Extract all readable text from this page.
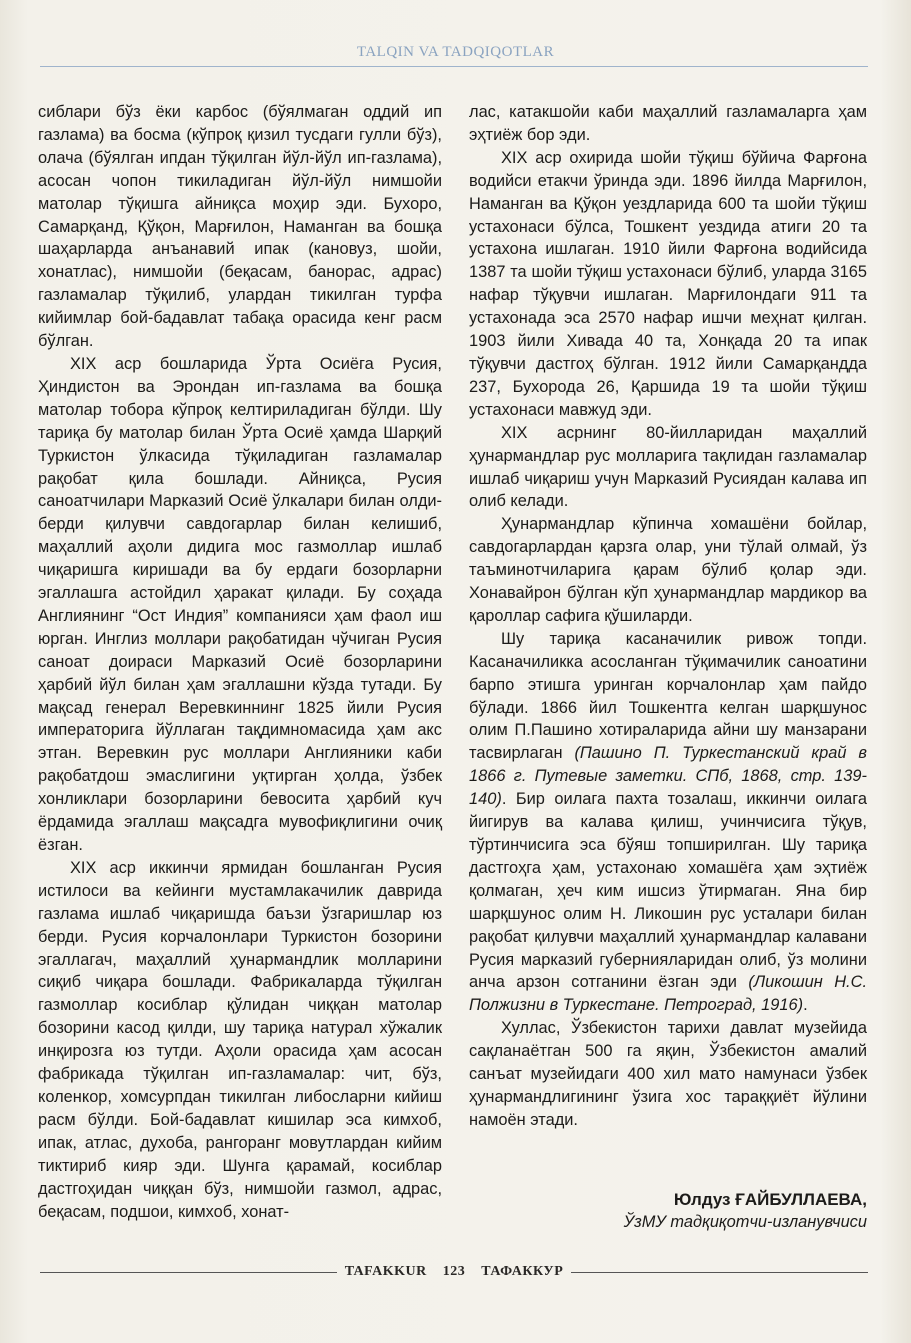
TALQIN VA TADQIQOTLAR

сиблари бўз ёки карбос (бўялмаган оддий ип газлама) ва босма (кўпроқ қизил тусдаги гулли бўз), олача (бўялган ипдан тўқилган йўл-йўл ип-газлама), асосан чопон тикиладиган йўл-йўл нимшойи матолар тўқишга айниқса моҳир эди. Бухоро, Самарқанд, Қўқон, Марғилон, Наманган ва бошқа шаҳарларда анъанавий ипак (кановуз, шойи, хонатлас), нимшойи (беқасам, банорас, адрас) газламалар тўқилиб, улардан тикилган турфа кийимлар бой-бадавлат табақа орасида кенг расм бўлган.

XIX аср бошларида Ўрта Осиёга Русия, Ҳиндистон ва Эрондан ип-газлама ва бошқа матолар тобора кўпроқ келтириладиган бўлди. Шу тариқа бу матолар билан Ўрта Осиё ҳамда Шарқий Туркистон ўлкасида тўқиладиган газламалар рақобат қила бошлади. Айниқса, Русия саноатчилари Марказий Осиё ўлкалари билан олди-берди қилувчи савдогарлар билан келишиб, маҳаллий аҳоли дидига мос газмоллар ишлаб чиқаришга киришади ва бу ердаги бозорларни эгаллашга астойдил ҳаракат қилади. Бу соҳада Англиянинг “Ост Индия” компанияси ҳам фаол иш юрган. Инглиз моллари рақобатидан чўчиган Русия саноат доираси Марказий Осиё бозорларини ҳарбий йўл билан ҳам эгаллашни кўзда тутади. Бу мақсад генерал Веревкиннинг 1825 йили Русия императорига йўллаган тақдимномасида ҳам акс этган. Веревкин рус моллари Англияники каби рақобатдош эмаслигини уқтирган ҳолда, ўзбек хонликлари бозорларини бевосита ҳарбий куч ёрдамида эгаллаш мақсадга мувофиқлигини очиқ ёзган.

XIX аср иккинчи ярмидан бошланган Русия истилоси ва кейинги мустамлакачилик даврида газлама ишлаб чиқаришда баъзи ўзгаришлар юз берди. Русия корчалонлари Туркистон бозорини эгаллагач, маҳаллий ҳунармандлик молларини сиқиб чиқара бошлади. Фабрикаларда тўқилган газмоллар косиблар қўлидан чиққан матолар бозорини касод қилди, шу тариқа натурал хўжалик инқирозга юз тутди. Аҳоли орасида ҳам асосан фабрикада тўқилган ип-газламалар: чит, бўз, коленкор, хомсурпдан тикилган либосларни кийиш расм бўлди. Бой-бадавлат кишилар эса кимхоб, ипак, атлас, духоба, рангоранг мовутлардан кийим тиктириб кияр эди. Шунга қарамай, косиблар дастгоҳидан чиққан бўз, нимшойи газмол, адрас, беқасам, подшои, кимхоб, хонат-

лас, катакшойи каби маҳаллий газламаларга ҳам эҳтиёж бор эди.

XIX аср охирида шойи тўқиш бўйича Фарғона водийси етакчи ўринда эди. 1896 йилда Марғилон, Наманган ва Қўқон уездларида 600 та шойи тўқиш устахонаси бўлса, Тошкент уездида атиги 20 та устахона ишлаган. 1910 йили Фарғона водийсида 1387 та шойи тўқиш устахонаси бўлиб, уларда 3165 нафар тўқувчи ишлаган. Марғилондаги 911 та устахонада эса 2570 нафар ишчи меҳнат қилган. 1903 йили Хивада 40 та, Хонқада 20 та ипак тўқувчи дастгоҳ бўлган. 1912 йили Самарқандда 237, Бухорода 26, Қаршида 19 та шойи тўқиш устахонаси мавжуд эди.

XIX асрнинг 80-йилларидан маҳаллий ҳунармандлар рус молларига тақлидан газламалар ишлаб чиқариш учун Марказий Русиядан калава ип олиб келади.

Ҳунармандлар кўпинча хомашёни бойлар, савдогарлардан қарзга олар, уни тўлай олмай, ўз таъминотчиларига қарам бўлиб қолар эди. Хонавайрон бўлган кўп ҳунармандлар мардикор ва қароллар сафига қўшиларди.

Шу тариқа касаначилик ривож топди. Касаначиликка асосланган тўқимачилик саноатини барпо этишга уринган корчалонлар ҳам пайдо бўлади. 1866 йил Тошкентга келган шарқшунос олим П.Пашино хотираларида айни шу манзарани тасвирлаган (Пашино П. Туркестанский край в 1866 г. Путевые заметки. СПб, 1868, стр. 139-140). Бир оилага пахта тозалаш, иккинчи оилага йигирув ва калава қилиш, учинчисига тўқув, тўртинчисига эса бўяш топширилган. Шу тариқа дастгоҳга ҳам, устахонаю хомашёга ҳам эҳтиёж қолмаган, ҳеч ким ишсиз ўтирмаган. Яна бир шарқшунос олим Н. Ликошин рус усталари билан рақобат қилувчи маҳаллий ҳунармандлар калавани Русия марказий губернияларидан олиб, ўз молини анча арзон сотганини ёзган эди (Ликошин Н.С. Полжизни в Туркестане. Петроград, 1916).

Хуллас, Ўзбекистон тарихи давлат музейида сақланаётган 500 га яқин, Ўзбекистон амалий санъат музейидаги 400 хил мато намунаси ўзбек ҳунармандлигининг ўзига хос тараққиёт йўлини намоён этади.

Юлдуз ҒАЙБУЛЛАЕВА,
ЎзМУ тадқиқотчи-изланувчиси
TAFAKKUR	123	ТАФАККУР
